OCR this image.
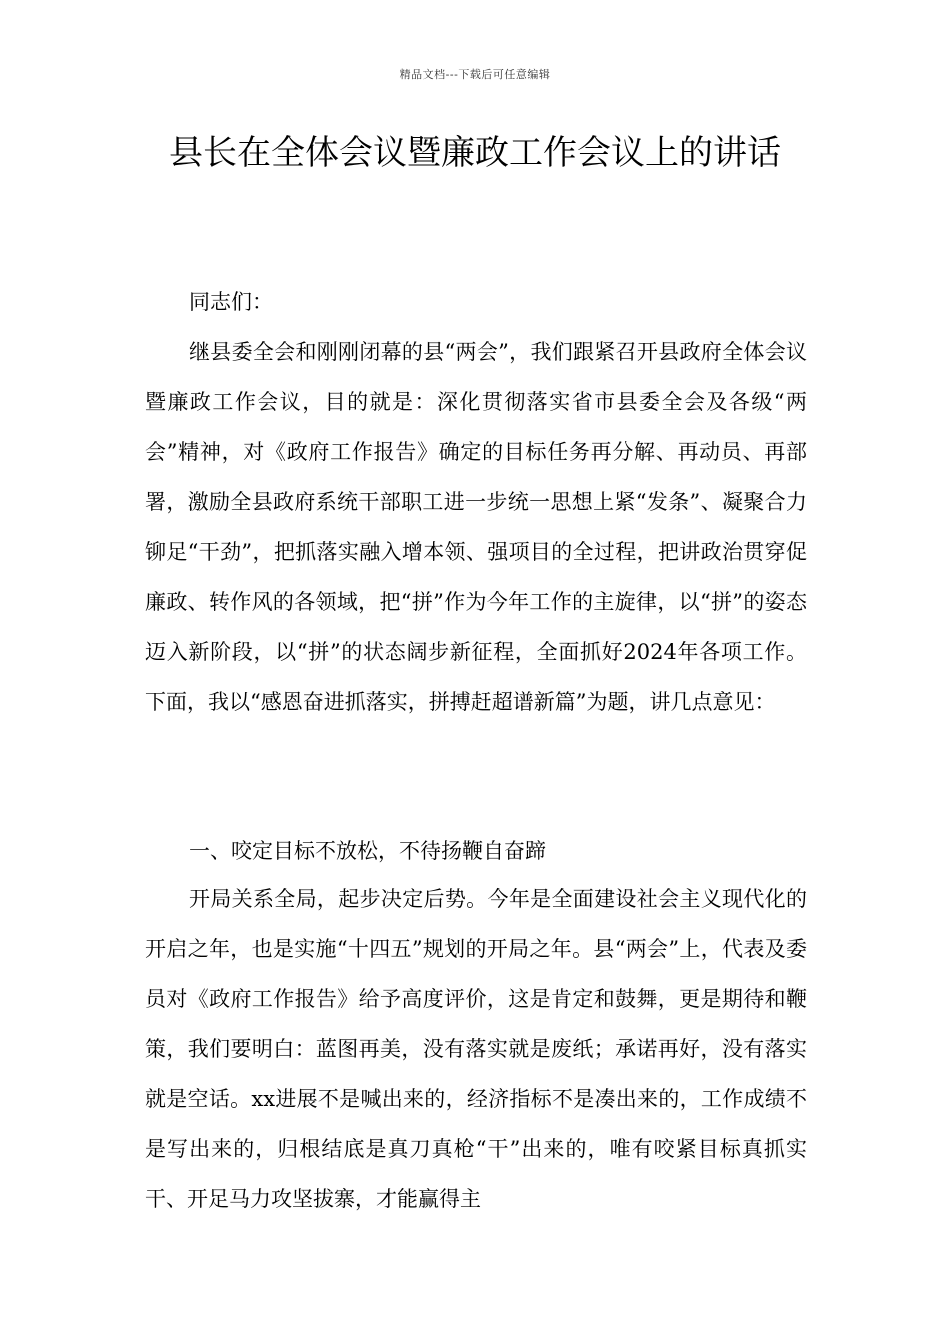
精品文档---下载后可任意编辑
县长在全体会议暨廉政工作会议上的讲话
同志们：
继县委全会和刚刚闭幕的县“两会”，我们跟紧召开县政府全体会议暨廉政工作会议，目的就是：深化贯彻落实省市县委全会及各级“两会”精神，对《政府工作报告》确定的目标任务再分解、再动员、再部署，激励全县政府系统干部职工进一步统一思想上紧“发条”、凝聚合力铆足“干劲”，把抓落实融入增本领、强项目的全过程，把讲政治贯穿促廉政、转作风的各领域，把“拼”作为今年工作的主旋律，以“拼”的姿态迈入新阶段，以“拼”的状态阔步新征程，全面抓好2024年各项工作。下面，我以“感恩奋进抓落实，拼搏赶超谱新篇”为题，讲几点意见：
一、咬定目标不放松，不待扬鞭自奋蹄
开局关系全局，起步决定后势。今年是全面建设社会主义现代化的开启之年，也是实施“十四五”规划的开局之年。县“两会”上，代表及委员对《政府工作报告》给予高度评价，这是肯定和鼓舞，更是期待和鞭策，我们要明白：蓝图再美，没有落实就是废纸；承诺再好，没有落实就是空话。xx进展不是喊出来的，经济指标不是凑出来的，工作成绩不是写出来的，归根结底是真刀真枪“干”出来的，唯有咬紧目标真抓实干、开足马力攻坚拔寨，才能赢得主
